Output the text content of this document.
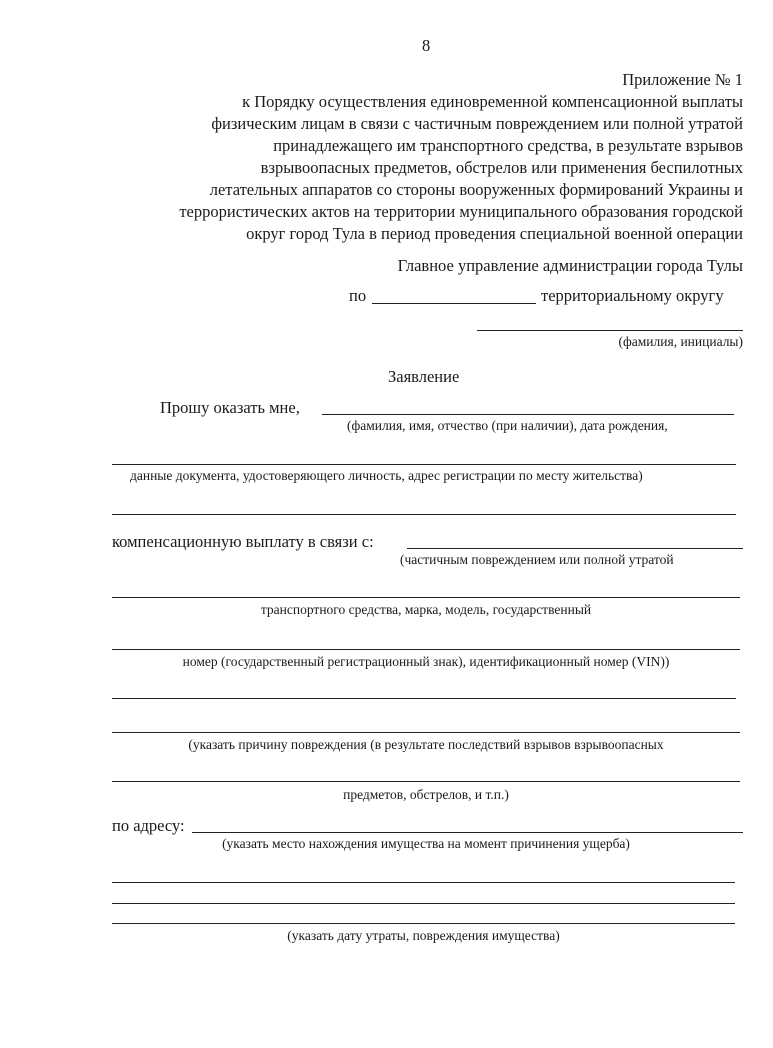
8
Приложение № 1
к Порядку осуществления единовременной компенсационной выплаты
физическим лицам в связи с частичным повреждением или полной утратой
принадлежащего им транспортного средства, в результате взрывов
взрывоопасных предметов, обстрелов или применения беспилотных
летательных аппаратов со стороны вооруженных формирований Украины и
террористических актов на территории муниципального образования городской
округ город Тула в период проведения специальной военной операции
Главное управление администрации города Тулы
по	территориальному округу
(фамилия, инициалы)
Заявление
Прошу оказать мне,
(фамилия, имя, отчество (при наличии), дата рождения,
данные документа, удостоверяющего личность, адрес регистрации по месту жительства)
компенсационную выплату в связи с:
(частичным повреждением или полной утратой
транспортного средства, марка, модель, государственный
номер (государственный регистрационный знак), идентификационный номер (VIN))
(указать причину повреждения (в результате последствий взрывов взрывоопасных
предметов, обстрелов, и т.п.)
по адресу:
(указать место нахождения имущества на момент причинения ущерба)
(указать дату утраты, повреждения имущества)
